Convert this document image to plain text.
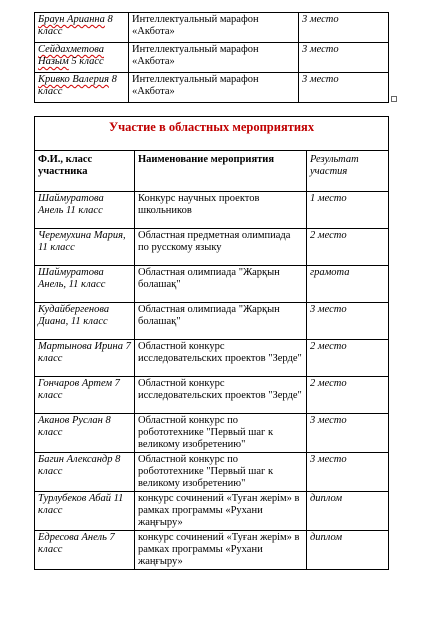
Браун Арианна 8 класс	Интеллектуальный марафон «Акбота»	3 место
Сейдахметова Назым 5 класс	Интеллектуальный марафон «Акбота»	3 место
Кривко Валерия 8 класс	Интеллектуальный марафон «Акбота»	3 место
Участие в областных мероприятиях		
Ф.И., класс участника	Наименование мероприятия	Результат участия
Шаймуратова Анель 11 класс	Конкурс научных проектов школьников	1 место
Черемухина Мария, 11 класс	Областная предметная олимпиада по русскому языку	2 место
Шаймуратова Анель, 11 класс	Областная олимпиада "Жарқын болашақ"	грамота
Кудайбергенова Диана, 11 класс	Областная олимпиада "Жарқын болашақ"	3 место
Мартынова Ирина 7 класс	Областной конкурс исследовательских проектов "Зерде"	2 место
Гончаров Артем 7 класс	Областной конкурс исследовательских проектов "Зерде"	2 место
Аканов Руслан 8 класс	Областной конкурс по робототехнике "Первый шаг к великому изобретению"	3 место
Багин Александр 8 класс	Областной конкурс по робототехнике "Первый шаг к великому изобретению"	3 место
Турлубеков Абай 11 класс	конкурс сочинений «Туған жерім» в рамках программы «Рухани жаңғыру»	диплом
Едресова Анель 7 класс	конкурс сочинений «Туған жерім» в рамках программы «Рухани жаңғыру»	диплом
